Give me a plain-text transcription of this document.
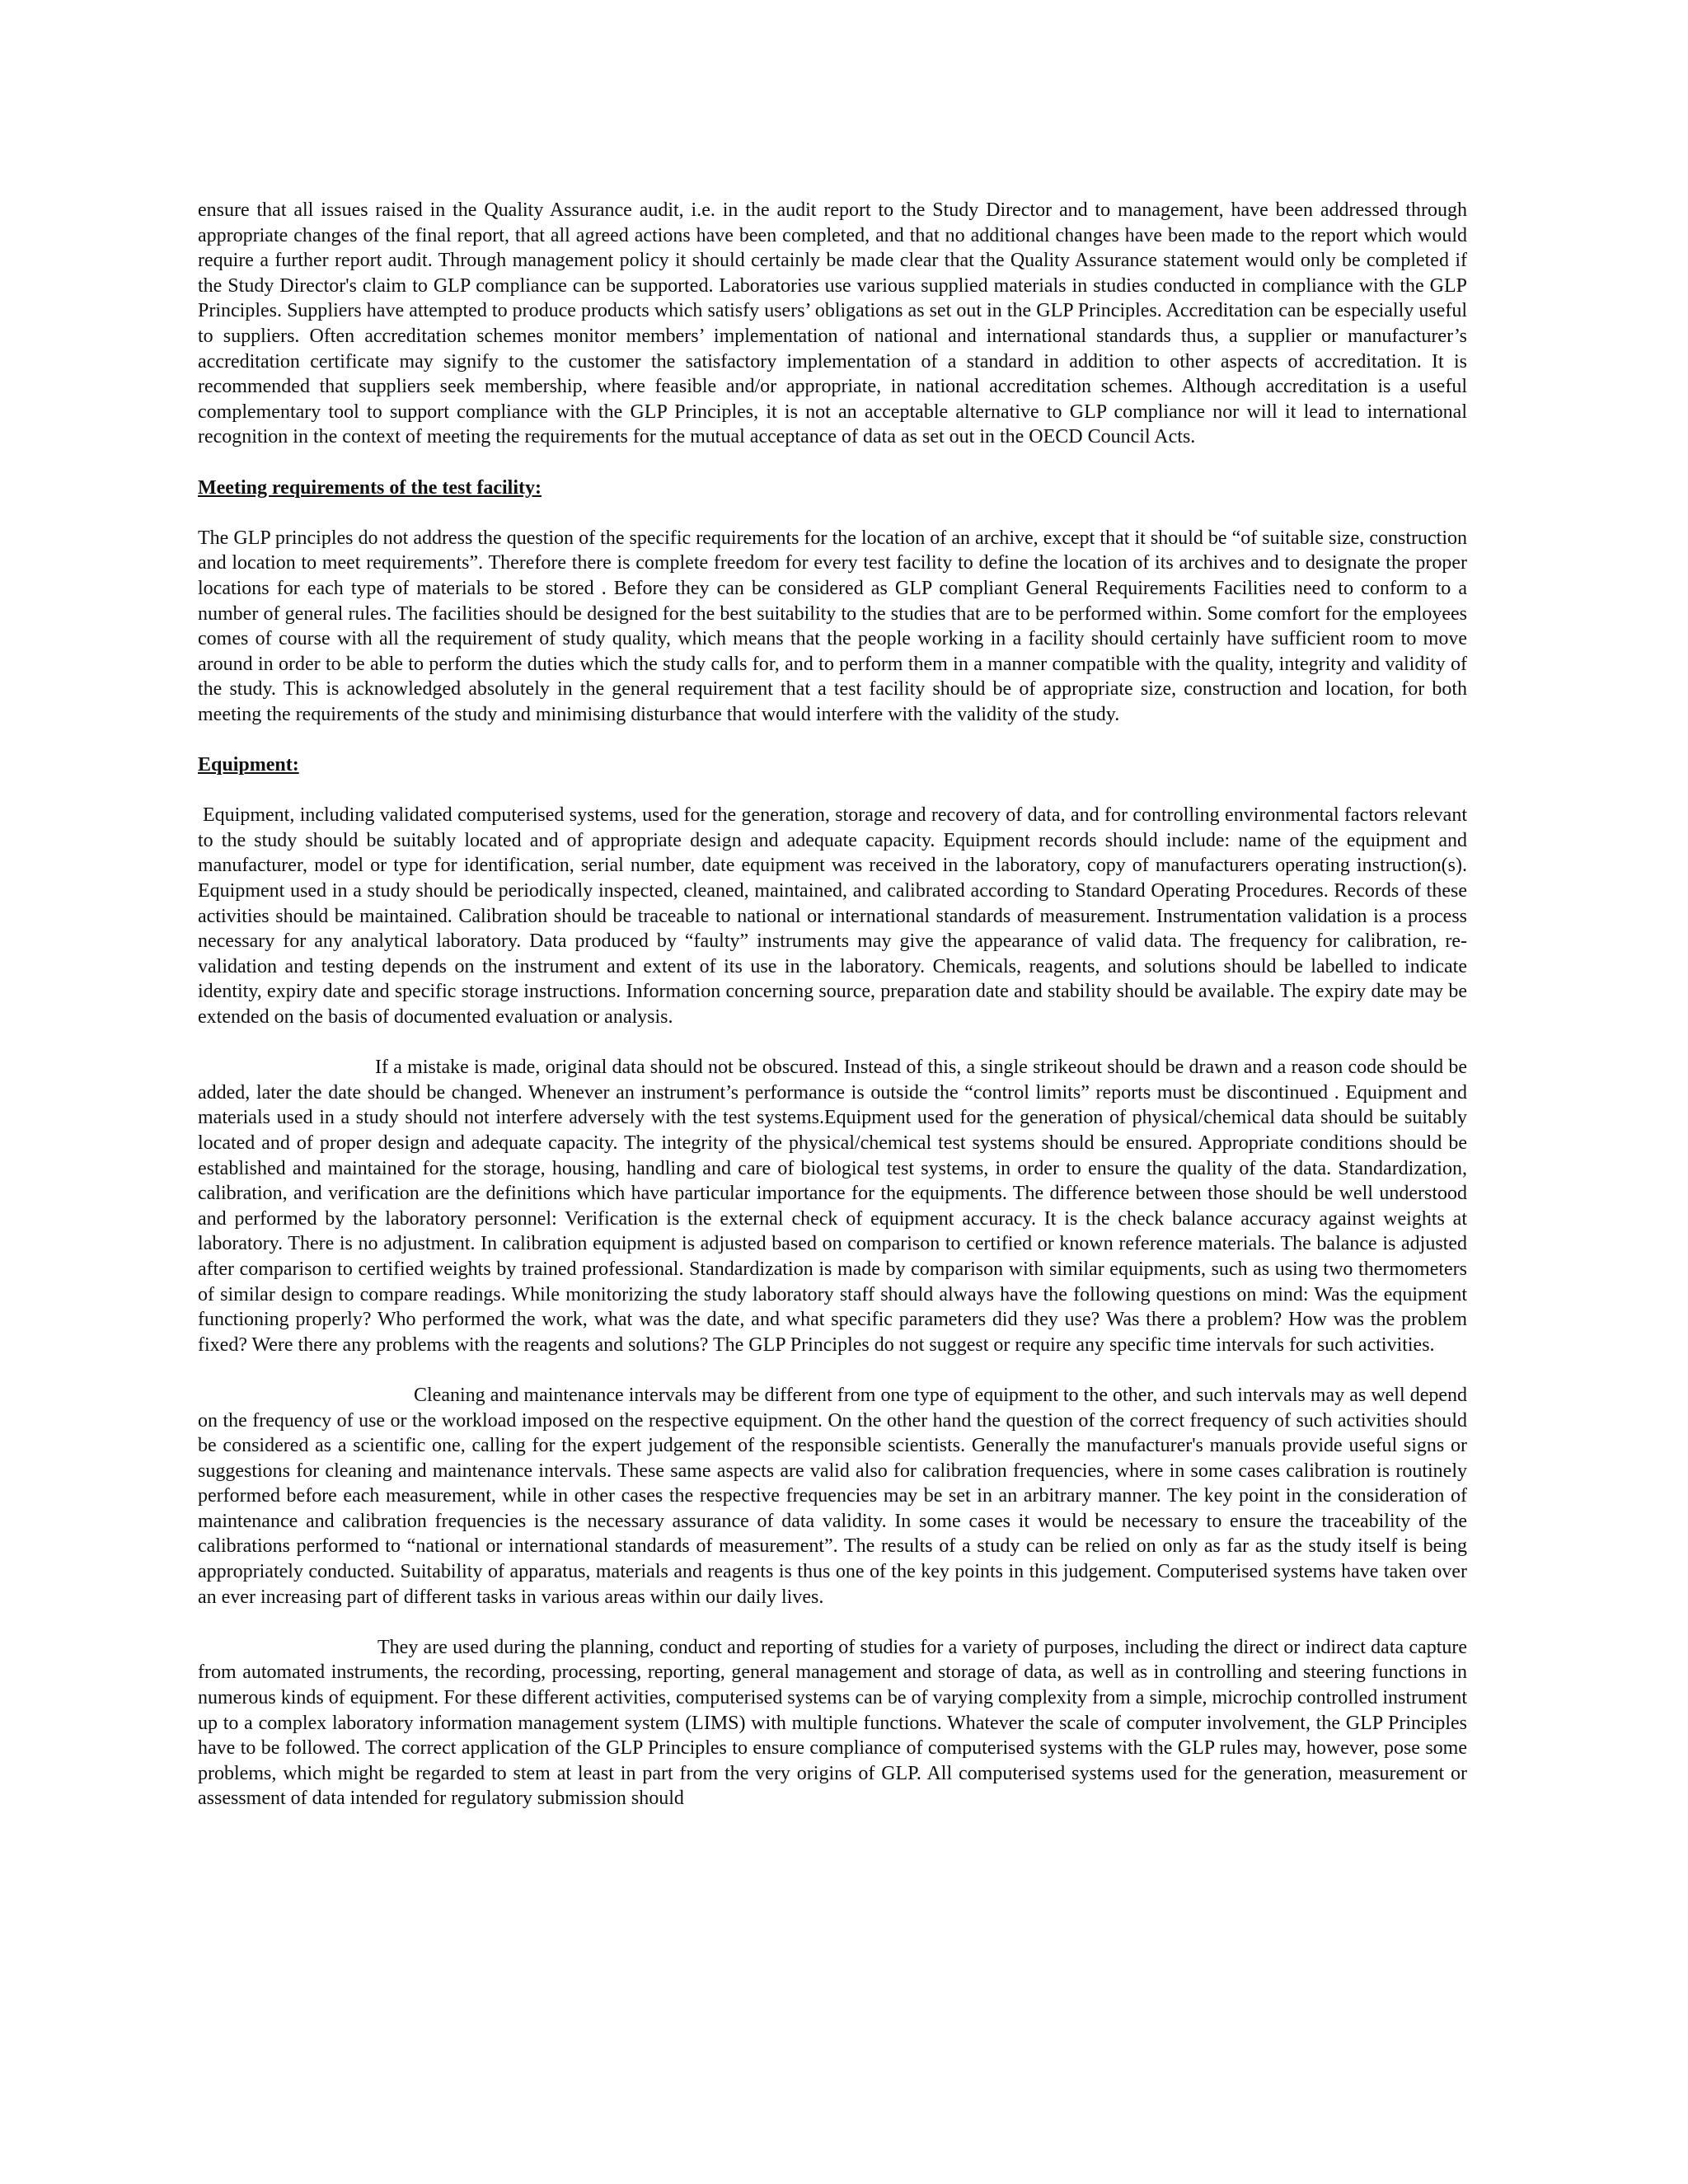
ensure that all issues raised in the Quality Assurance audit, i.e. in the audit report to the Study Director and to management, have been addressed through appropriate changes of the final report, that all agreed actions have been completed, and that no additional changes have been made to the report which would require a further report audit. Through management policy it should certainly be made clear that the Quality Assurance statement would only be completed if the Study Director's claim to GLP compliance can be supported. Laboratories use various supplied materials in studies conducted in compliance with the GLP Principles. Suppliers have attempted to produce products which satisfy users’ obligations as set out in the GLP Principles. Accreditation can be especially useful to suppliers. Often accreditation schemes monitor members’ implementation of national and international standards thus, a supplier or manufacturer’s accreditation certificate may signify to the customer the satisfactory implementation of a standard in addition to other aspects of accreditation. It is recommended that suppliers seek membership, where feasible and/or appropriate, in national accreditation schemes. Although accreditation is a useful complementary tool to support compliance with the GLP Principles, it is not an acceptable alternative to GLP compliance nor will it lead to international recognition in the context of meeting the requirements for the mutual acceptance of data as set out in the OECD Council Acts.

Meeting requirements of the test facility:

The GLP principles do not address the question of the specific requirements for the location of an archive, except that it should be “of suitable size, construction and location to meet requirements”. Therefore there is complete freedom for every test facility to define the location of its archives and to designate the proper locations for each type of materials to be stored . Before they can be considered as GLP compliant General Requirements Facilities need to conform to a number of general rules. The facilities should be designed for the best suitability to the studies that are to be performed within. Some comfort for the employees comes of course with all the requirement of study quality, which means that the people working in a facility should certainly have sufficient room to move around in order to be able to perform the duties which the study calls for, and to perform them in a manner compatible with the quality, integrity and validity of the study. This is acknowledged absolutely in the general requirement that a test facility should be of appropriate size, construction and location, for both meeting the requirements of the study and minimising disturbance that would interfere with the validity of the study.

Equipment:

Equipment, including validated computerised systems, used for the generation, storage and recovery of data, and for controlling environmental factors relevant to the study should be suitably located and of appropriate design and adequate capacity. Equipment records should include: name of the equipment and manufacturer, model or type for identification, serial number, date equipment was received in the laboratory, copy of manufacturers operating instruction(s). Equipment used in a study should be periodically inspected, cleaned, maintained, and calibrated according to Standard Operating Procedures. Records of these activities should be maintained. Calibration should be traceable to national or international standards of measurement. Instrumentation validation is a process necessary for any analytical laboratory. Data produced by “faulty” instruments may give the appearance of valid data. The frequency for calibration, re-validation and testing depends on the instrument and extent of its use in the laboratory. Chemicals, reagents, and solutions should be labelled to indicate identity, expiry date and specific storage instructions. Information concerning source, preparation date and stability should be available. The expiry date may be extended on the basis of documented evaluation or analysis.

If a mistake is made, original data should not be obscured. Instead of this, a single strikeout should be drawn and a reason code should be added, later the date should be changed. Whenever an instrument’s performance is outside the “control limits” reports must be discontinued . Equipment and materials used in a study should not interfere adversely with the test systems.Equipment used for the generation of physical/chemical data should be suitably located and of proper design and adequate capacity. The integrity of the physical/chemical test systems should be ensured. Appropriate conditions should be established and maintained for the storage, housing, handling and care of biological test systems, in order to ensure the quality of the data. Standardization, calibration, and verification are the definitions which have particular importance for the equipments. The difference between those should be well understood and performed by the laboratory personnel: Verification is the external check of equipment accuracy. It is the check balance accuracy against weights at laboratory. There is no adjustment. In calibration equipment is adjusted based on comparison to certified or known reference materials. The balance is adjusted after comparison to certified weights by trained professional. Standardization is made by comparison with similar equipments, such as using two thermometers of similar design to compare readings. While monitorizing the study laboratory staff should always have the following questions on mind: Was the equipment functioning properly? Who performed the work, what was the date, and what specific parameters did they use? Was there a problem? How was the problem fixed? Were there any problems with the reagents and solutions? The GLP Principles do not suggest or require any specific time intervals for such activities.

Cleaning and maintenance intervals may be different from one type of equipment to the other, and such intervals may as well depend on the frequency of use or the workload imposed on the respective equipment. On the other hand the question of the correct frequency of such activities should be considered as a scientific one, calling for the expert judgement of the responsible scientists. Generally the manufacturer's manuals provide useful signs or suggestions for cleaning and maintenance intervals. These same aspects are valid also for calibration frequencies, where in some cases calibration is routinely performed before each measurement, while in other cases the respective frequencies may be set in an arbitrary manner. The key point in the consideration of maintenance and calibration frequencies is the necessary assurance of data validity. In some cases it would be necessary to ensure the traceability of the calibrations performed to “national or international standards of measurement”. The results of a study can be relied on only as far as the study itself is being appropriately conducted. Suitability of apparatus, materials and reagents is thus one of the key points in this judgement. Computerised systems have taken over an ever increasing part of different tasks in various areas within our daily lives.

They are used during the planning, conduct and reporting of studies for a variety of purposes, including the direct or indirect data capture from automated instruments, the recording, processing, reporting, general management and storage of data, as well as in controlling and steering functions in numerous kinds of equipment. For these different activities, computerised systems can be of varying complexity from a simple, microchip controlled instrument up to a complex laboratory information management system (LIMS) with multiple functions. Whatever the scale of computer involvement, the GLP Principles have to be followed. The correct application of the GLP Principles to ensure compliance of computerised systems with the GLP rules may, however, pose some problems, which might be regarded to stem at least in part from the very origins of GLP. All computerised systems used for the generation, measurement or assessment of data intended for regulatory submission should
